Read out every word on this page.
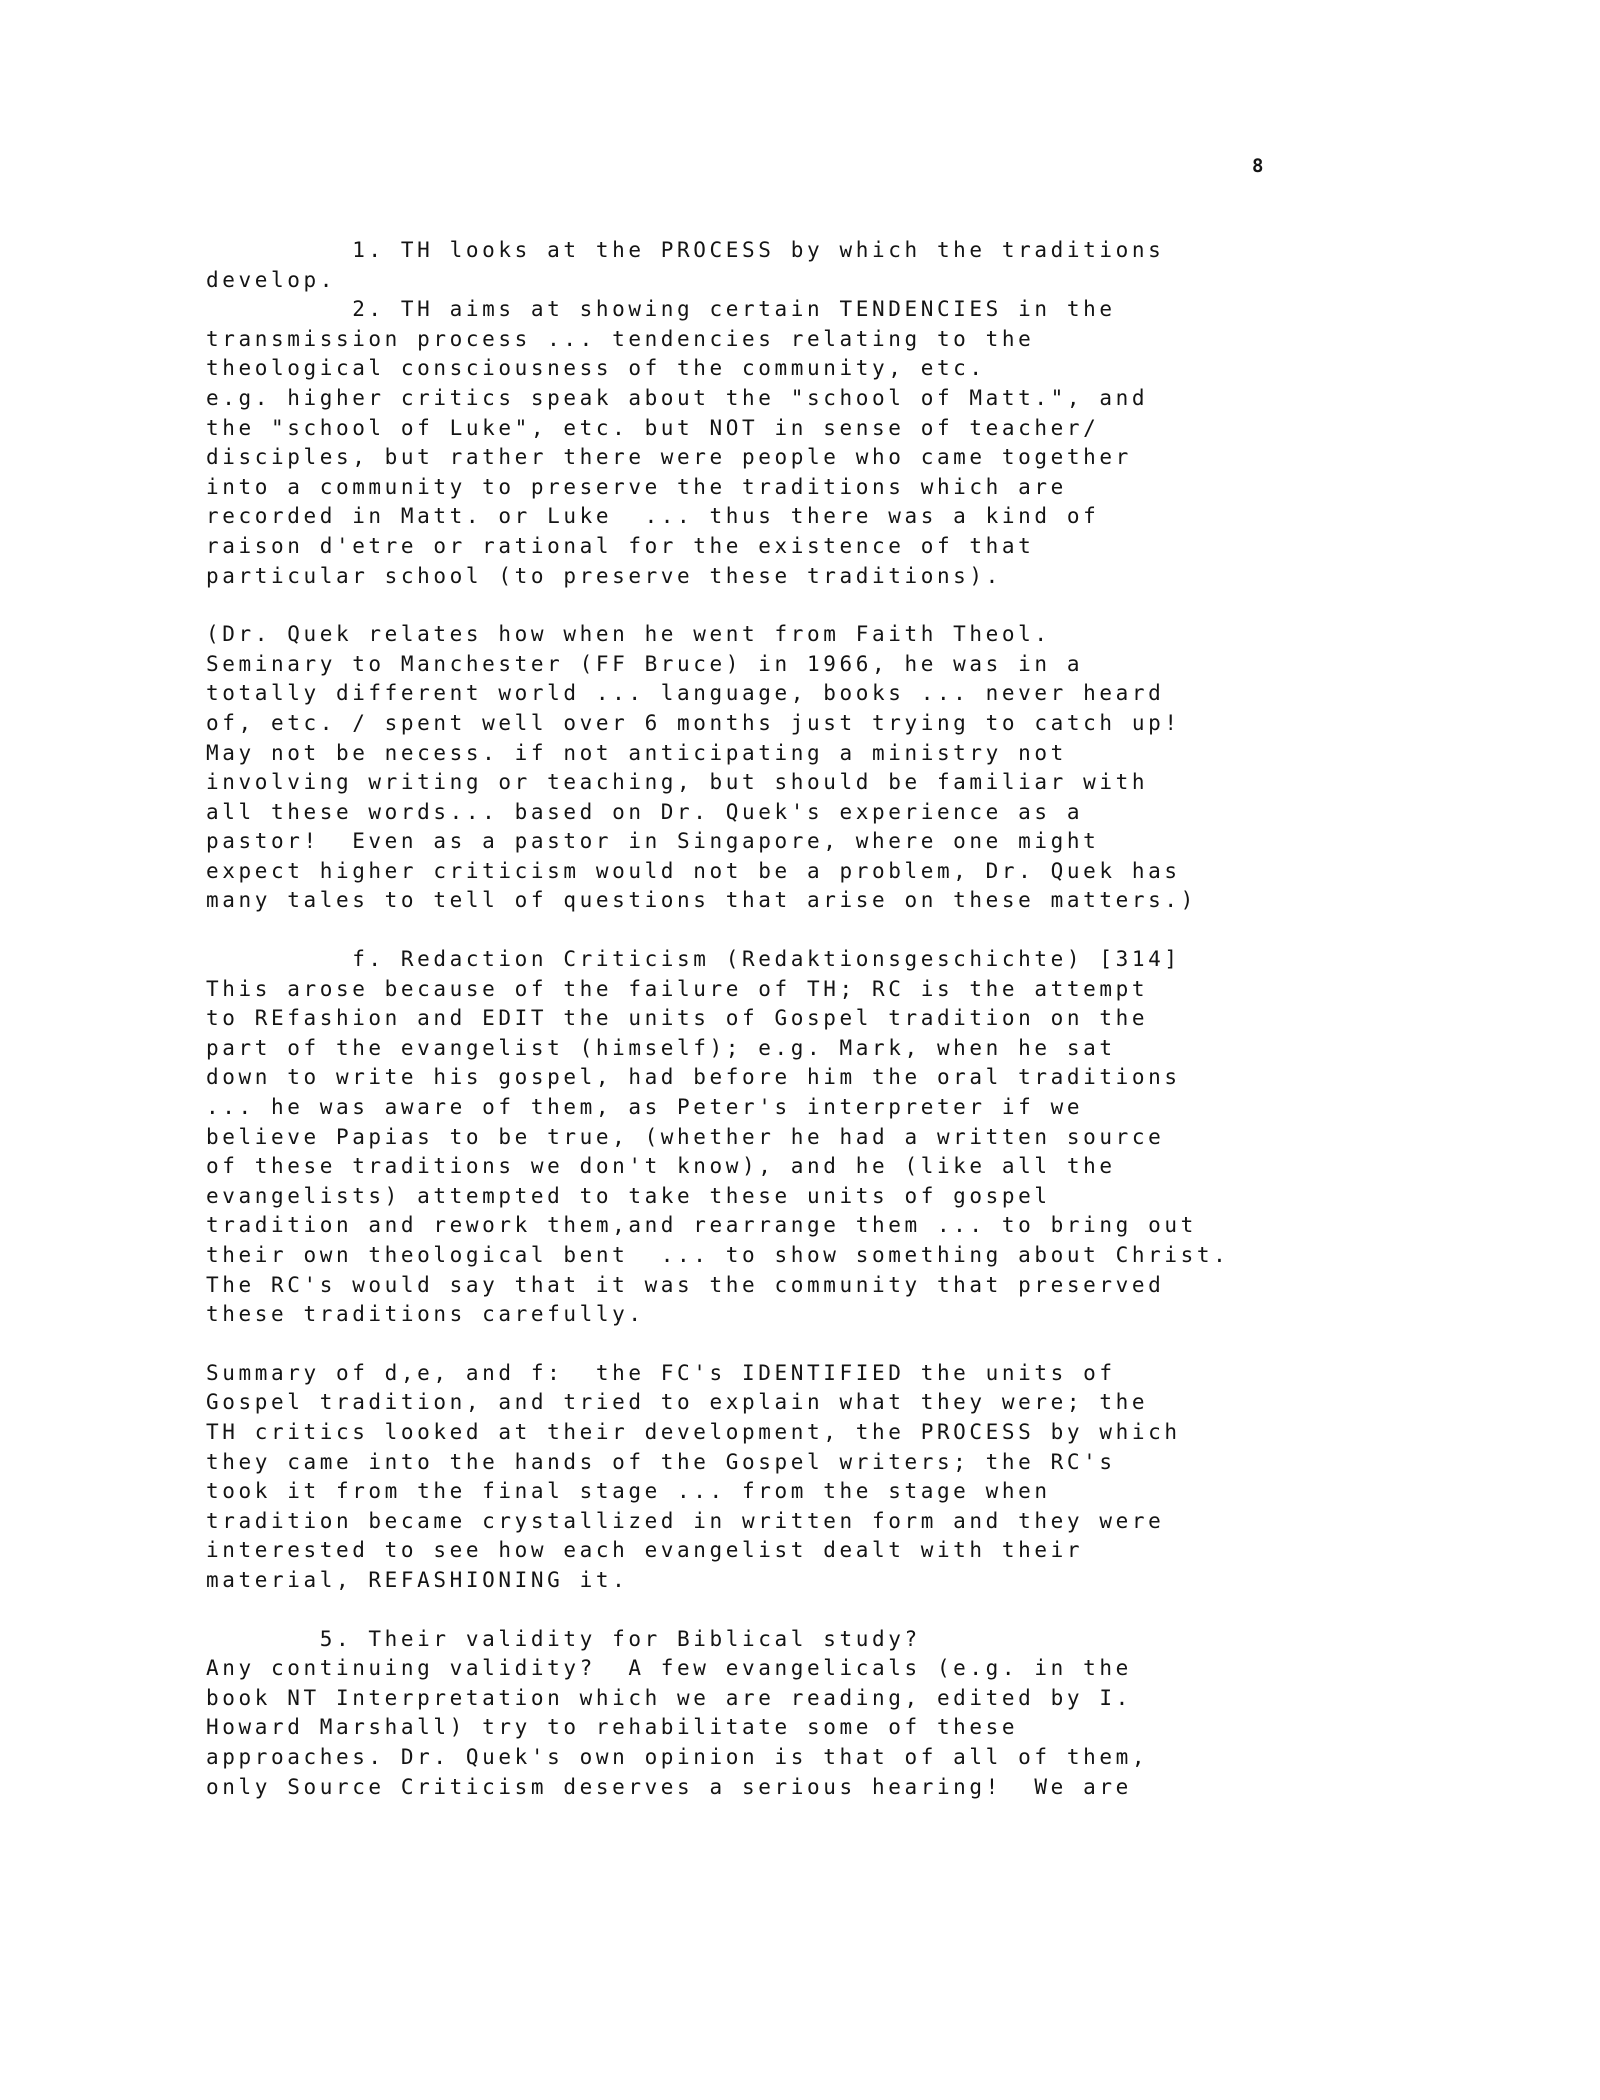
8
1. TH looks at the PROCESS by which the traditions
develop.
2. TH aims at showing certain TENDENCIES in the
transmission process ... tendencies relating to the
theological consciousness of the community, etc.
e.g. higher critics speak about the "school of Matt.", and
the "school of Luke", etc. but NOT in sense of teacher/
disciples, but rather there were people who came together
into a community to preserve the traditions which are
recorded in Matt. or Luke  ... thus there was a kind of
raison d'etre or rational for the existence of that
particular school (to preserve these traditions).
(Dr. Quek relates how when he went from Faith Theol.
Seminary to Manchester (FF Bruce) in 1966, he was in a
totally different world ... language, books ... never heard
of, etc. / spent well over 6 months just trying to catch up!
May not be necess. if not anticipating a ministry not
involving writing or teaching, but should be familiar with
all these words... based on Dr. Quek's experience as a
pastor!  Even as a pastor in Singapore, where one might
expect higher criticism would not be a problem, Dr. Quek has
many tales to tell of questions that arise on these matters.)
f. Redaction Criticism (Redaktionsgeschichte) [314]
This arose because of the failure of TH; RC is the attempt
to REfashion and EDIT the units of Gospel tradition on the
part of the evangelist (himself); e.g. Mark, when he sat
down to write his gospel, had before him the oral traditions
... he was aware of them, as Peter's interpreter if we
believe Papias to be true, (whether he had a written source
of these traditions we don't know), and he (like all the
evangelists) attempted to take these units of gospel
tradition and rework them,and rearrange them ... to bring out
their own theological bent  ... to show something about Christ.
The RC's would say that it was the community that preserved
these traditions carefully.
Summary of d,e, and f:  the FC's IDENTIFIED the units of
Gospel tradition, and tried to explain what they were; the
TH critics looked at their development, the PROCESS by which
they came into the hands of the Gospel writers; the RC's
took it from the final stage ... from the stage when
tradition became crystallized in written form and they were
interested to see how each evangelist dealt with their
material, REFASHIONING it.
5. Their validity for Biblical study?
Any continuing validity?  A few evangelicals (e.g. in the
book NT Interpretation which we are reading, edited by I.
Howard Marshall) try to rehabilitate some of these
approaches. Dr. Quek's own opinion is that of all of them,
only Source Criticism deserves a serious hearing!  We are
